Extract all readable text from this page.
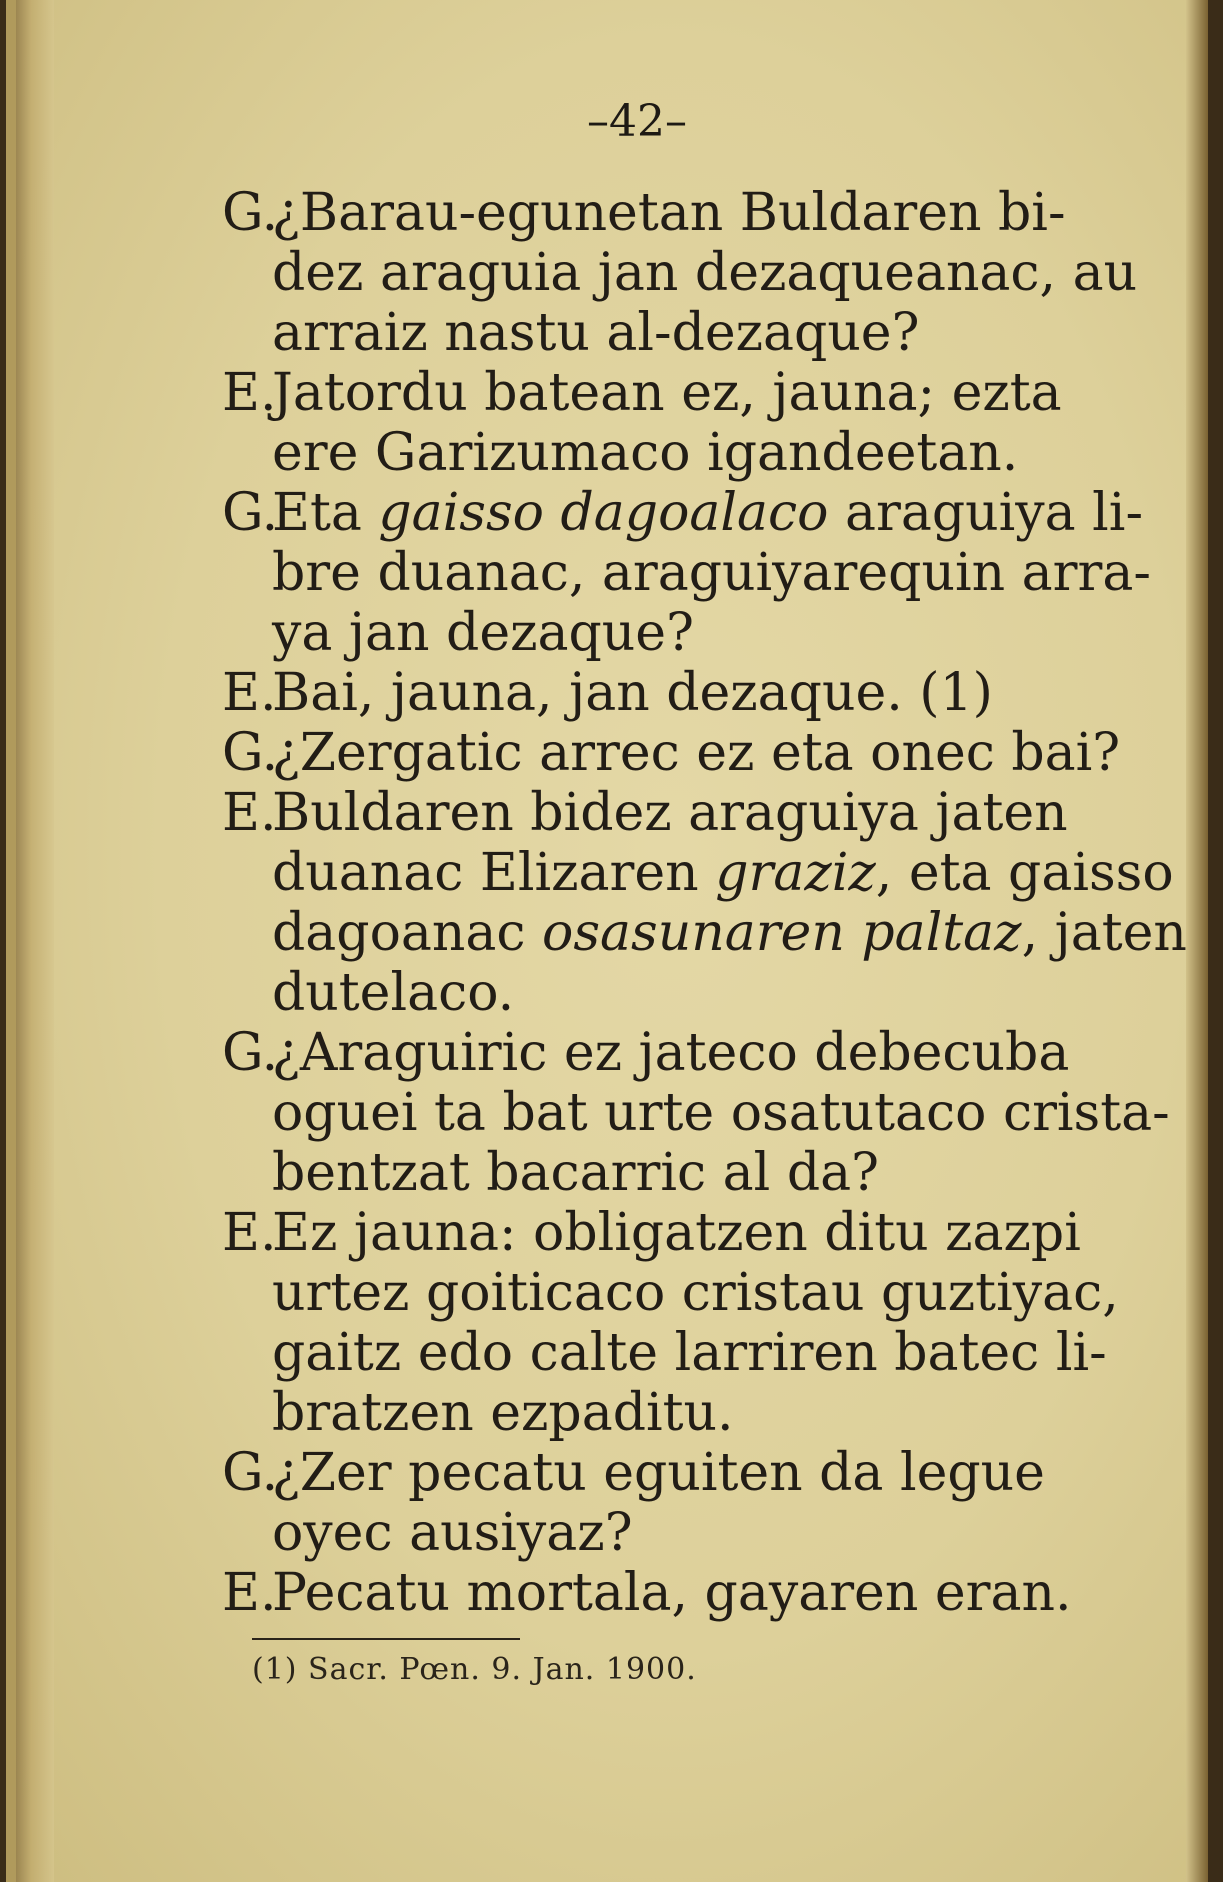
–42–
G.
¿Barau-egunetan Buldaren bi-
dez araguia jan dezaqueanac, au
arraiz nastu al-dezaque?
E.
Jatordu batean ez, jauna; ezta
ere Garizumaco igandeetan.
G.
Eta gaisso dagoalaco araguiya li-
bre duanac, araguiyarequin arra-
ya jan dezaque?
E.
Bai, jauna, jan dezaque. (1)
G.
¿Zergatic arrec ez eta onec bai?
E.
Buldaren bidez araguiya jaten
duanac Elizaren graziz, eta gaisso
dagoanac osasunaren paltaz, jaten
dutelaco.
G.
¿Araguiric ez jateco debecuba
oguei ta bat urte osatutaco crista-
bentzat bacarric al da?
E.
Ez jauna: obligatzen ditu zazpi
urtez goiticaco cristau guztiyac,
gaitz edo calte larriren batec li-
bratzen ezpaditu.
G.
¿Zer pecatu eguiten da legue
oyec ausiyaz?
E.
Pecatu mortala, gayaren eran.
(1) Sacr. Pœn. 9. Jan. 1900.
